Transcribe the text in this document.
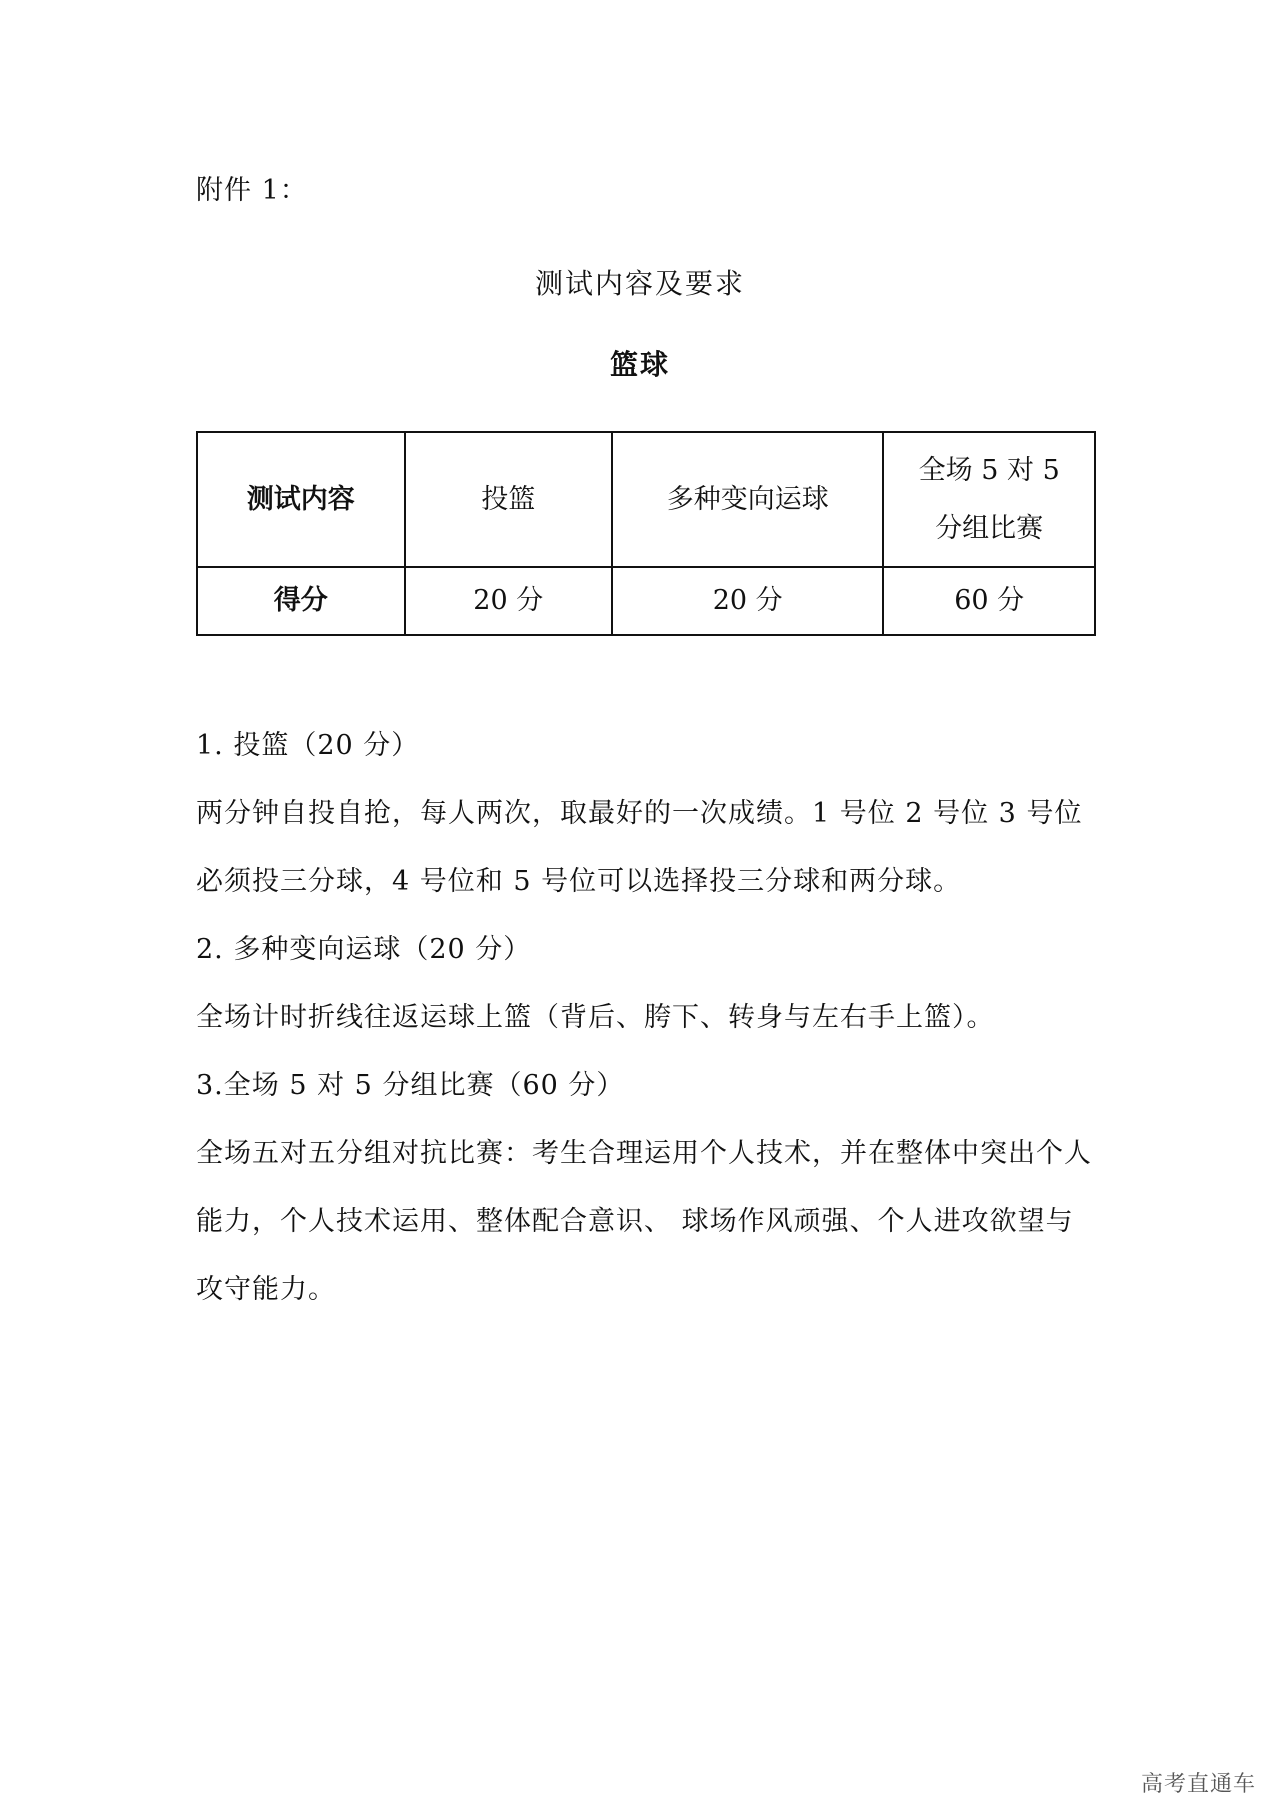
附件 1：
测试内容及要求
篮球
测试内容	投篮	多种变向运球	全场 5 对 5 分组比赛
得分	20 分	20 分	60 分

1. 投篮（20 分）

两分钟自投自抢，每人两次，取最好的一次成绩。1 号位 2 号位 3 号位必须投三分球，4 号位和 5 号位可以选择投三分球和两分球。

2. 多种变向运球（20 分）

全场计时折线往返运球上篮（背后、胯下、转身与左右手上篮）。

3.全场 5 对 5 分组比赛（60 分）

全场五对五分组对抗比赛：考生合理运用个人技术，并在整体中突出个人能力，个人技术运用、整体配合意识、 球场作风顽强、个人进攻欲望与攻守能力。

高考直通车
